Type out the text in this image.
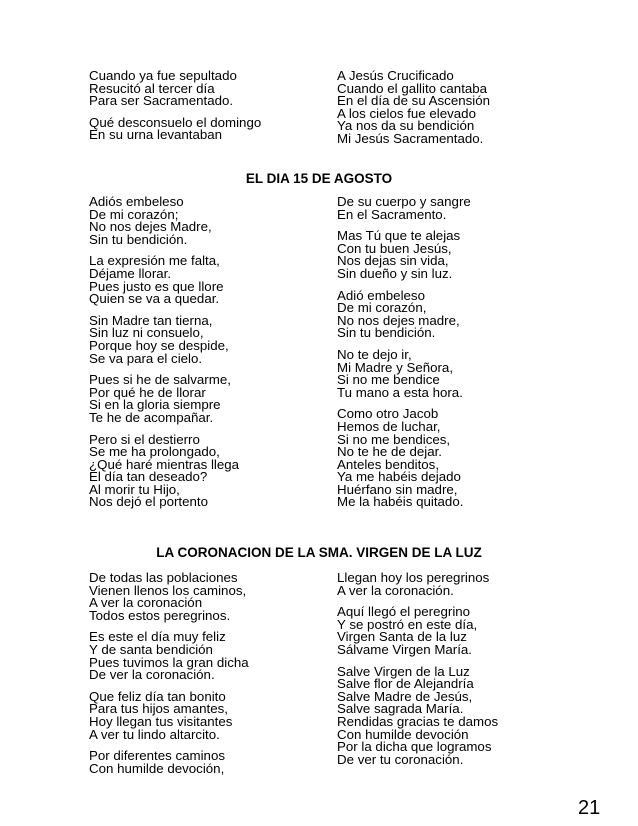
Cuando ya fue sepultado
Resucitó al tercer día
Para ser Sacramentado.
Qué desconsuelo el domingo
En su urna levantaban
A Jesús Crucificado
Cuando el gallito cantaba
En el día de su Ascensión
A los cielos fue elevado
Ya nos da su bendición
Mi Jesús Sacramentado.
EL DIA 15 DE AGOSTO
Adiós embeleso
De mi corazón;
No nos dejes Madre,
Sin tu bendición.
La expresión me falta,
Déjame llorar.
Pues justo es que llore
Quien se va a quedar.
Sin Madre tan tierna,
Sin luz ni consuelo,
Porque hoy se despide,
Se va para el cielo.
Pues si he de salvarme,
Por qué he de llorar
Si en la gloria siempre
Te he de acompañar.
Pero si el destierro
Se me ha prolongado,
¿Qué haré mientras llega
El día tan deseado?
Al morir tu Hijo,
Nos dejó el portento
De su cuerpo y sangre
En el Sacramento.
Mas Tú que te alejas
Con tu buen Jesús,
Nos dejas sin vida,
Sin dueño y sin luz.
Adió embeleso
De mi corazón,
No nos dejes madre,
Sin tu bendición.
No te dejo ir,
Mi Madre y Señora,
Si no me bendice
Tu mano a esta hora.
Como otro Jacob
Hemos de luchar,
Si no me bendices,
No te he de dejar.
Anteles benditos,
Ya me habéis dejado
Huérfano sin madre,
Me la habéis quitado.
LA CORONACION DE LA SMA. VIRGEN DE LA LUZ
De todas las poblaciones
Vienen llenos los caminos,
A ver la coronación
Todos estos peregrinos.
Es este el día muy feliz
Y de santa bendición
Pues tuvimos la gran dicha
De ver la coronación.
Que feliz día tan bonito
Para tus hijos amantes,
Hoy llegan tus visitantes
A ver tu lindo altarcito.
Por diferentes caminos
Con humilde devoción,
Llegan hoy los peregrinos
A ver la coronación.
Aquí llegó el peregrino
Y se postró en este día,
Virgen Santa de la luz
Sálvame Virgen María.
Salve Virgen de la Luz
Salve flor de Alejandría
Salve Madre de Jesús,
Salve sagrada María.
Rendidas gracias te damos
Con humilde devoción
Por la dicha que logramos
De ver tu coronación.
21
